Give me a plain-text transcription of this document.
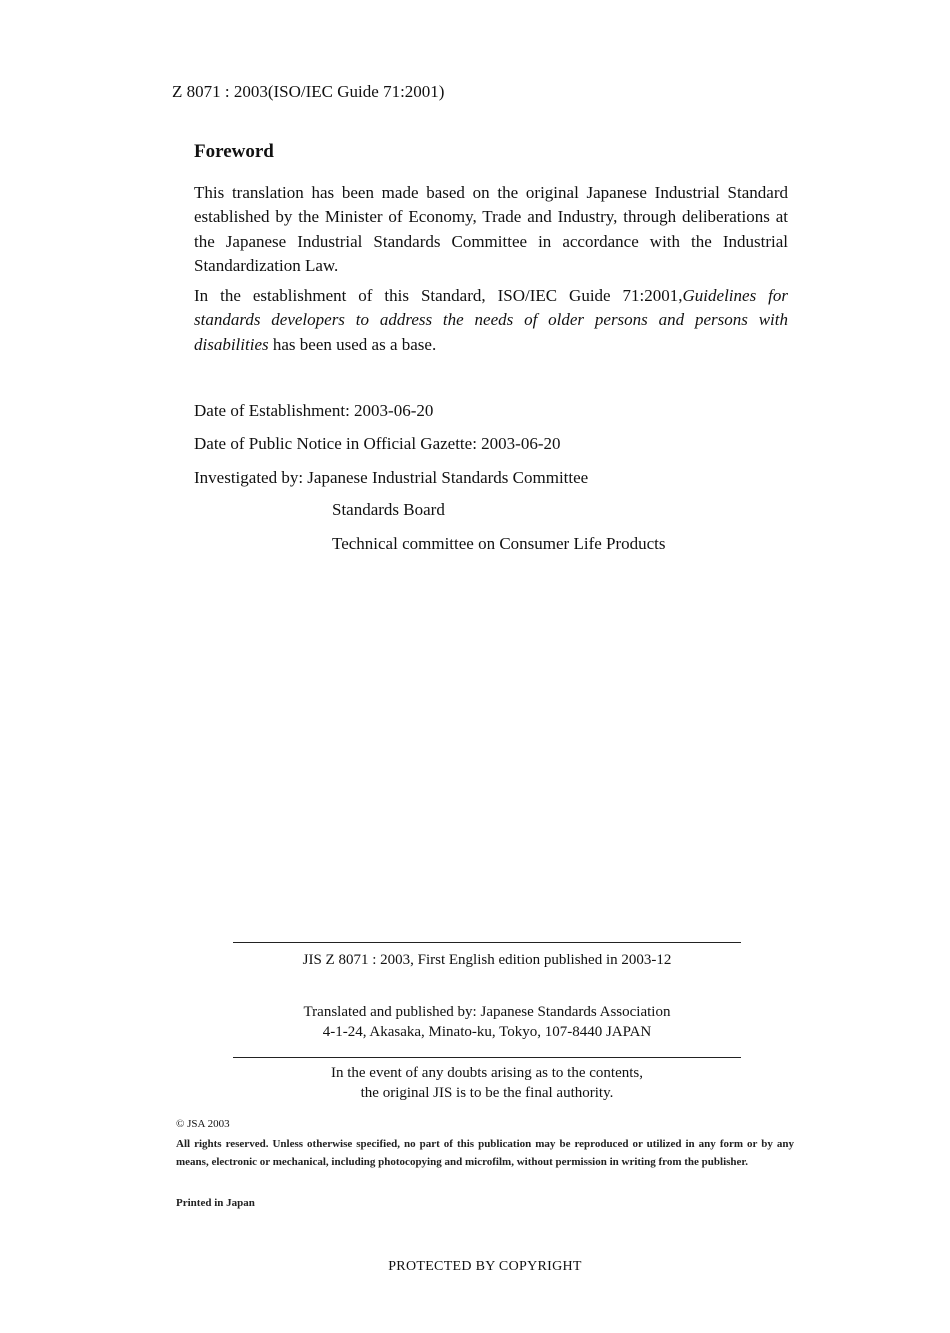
Z 8071 : 2003(ISO/IEC Guide 71:2001)
Foreword
This translation has been made based on the original Japanese Industrial Standard established by the Minister of Economy, Trade and Industry, through deliberations at the Japanese Industrial Standards Committee in accordance with the Industrial Standardization Law.
In the establishment of this Standard, ISO/IEC Guide 71:2001,Guidelines for standards developers to address the needs of older persons and persons with disabilities has been used as a base.
Date of Establishment: 2003-06-20
Date of Public Notice in Official Gazette: 2003-06-20
Investigated by: Japanese Industrial Standards Committee
Standards Board
Technical committee on Consumer Life Products
JIS Z 8071 : 2003, First English edition published in 2003-12
Translated and published by: Japanese Standards Association
4-1-24, Akasaka, Minato-ku, Tokyo, 107-8440 JAPAN
In the event of any doubts arising as to the contents,
the original JIS is to be the final authority.
© JSA 2003
All rights reserved. Unless otherwise specified, no part of this publication may be reproduced or utilized in any form or by any means, electronic or mechanical, including photocopying and microfilm, without permission in writing from the publisher.
Printed in Japan
PROTECTED BY COPYRIGHT
